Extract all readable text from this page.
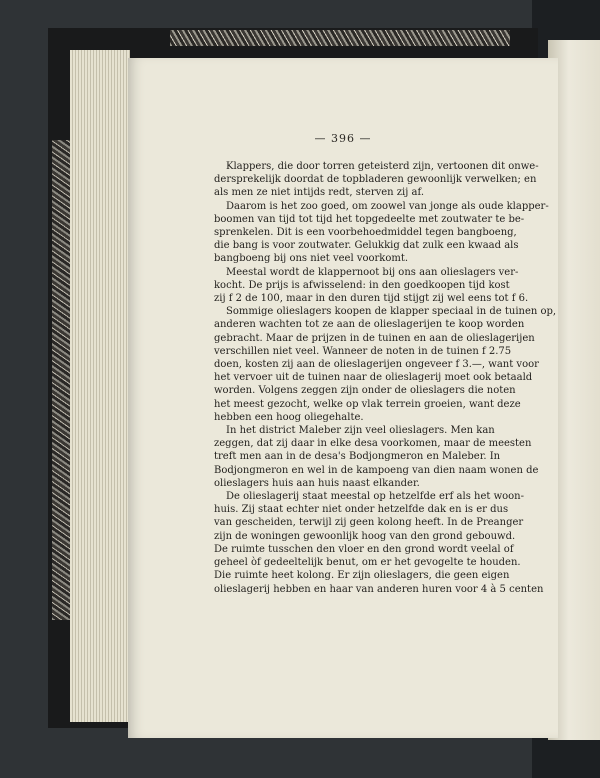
— 396 —
Klappers, die door torren geteisterd zijn, vertoonen dit onwe-
dersprekelijk doordat de topbladeren gewoonlijk verwelken; en
als men ze niet intijds redt, sterven zij af.
Daarom is het zoo goed, om zoowel van jonge als oude klapper-
boomen van tijd tot tijd het topgedeelte met zoutwater te be-
sprenkelen. Dit is een voorbehoedmiddel tegen bangboeng,
die bang is voor zoutwater. Gelukkig dat zulk een kwaad als
bangboeng bij ons niet veel voorkomt.
Meestal wordt de klappernoot bij ons aan olieslagers ver-
kocht. De prijs is afwisselend: in den goedkoopen tijd kost
zij f 2 de 100, maar in den duren tijd stijgt zij wel eens tot f 6.
Sommige olieslagers koopen de klapper speciaal in de tuinen op,
anderen wachten tot ze aan de olieslagerijen te koop worden
gebracht. Maar de prijzen in de tuinen en aan de olieslagerijen
verschillen niet veel. Wanneer de noten in de tuinen f 2.75
doen, kosten zij aan de olieslagerijen ongeveer f 3.—, want voor
het vervoer uit de tuinen naar de olieslagerij moet ook betaald
worden. Volgens zeggen zijn onder de olieslagers die noten
het meest gezocht, welke op vlak terrein groeien, want deze
hebben een hoog oliegehalte.
In het district Maleber zijn veel olieslagers. Men kan
zeggen, dat zij daar in elke desa voorkomen, maar de meesten
treft men aan in de desa's Bodjongmeron en Maleber. In
Bodjongmeron en wel in de kampoeng van dien naam wonen de
olieslagers huis aan huis naast elkander.
De olieslagerij staat meestal op hetzelfde erf als het woon-
huis. Zij staat echter niet onder hetzelfde dak en is er dus
van gescheiden, terwijl zij geen kolong heeft. In de Preanger
zijn de woningen gewoonlijk hoog van den grond gebouwd.
De ruimte tusschen den vloer en den grond wordt veelal of
geheel òf gedeeltelijk benut, om er het gevogelte te houden.
Die ruimte heet kolong. Er zijn olieslagers, die geen eigen
olieslagerij hebben en haar van anderen huren voor 4 à 5 centen
